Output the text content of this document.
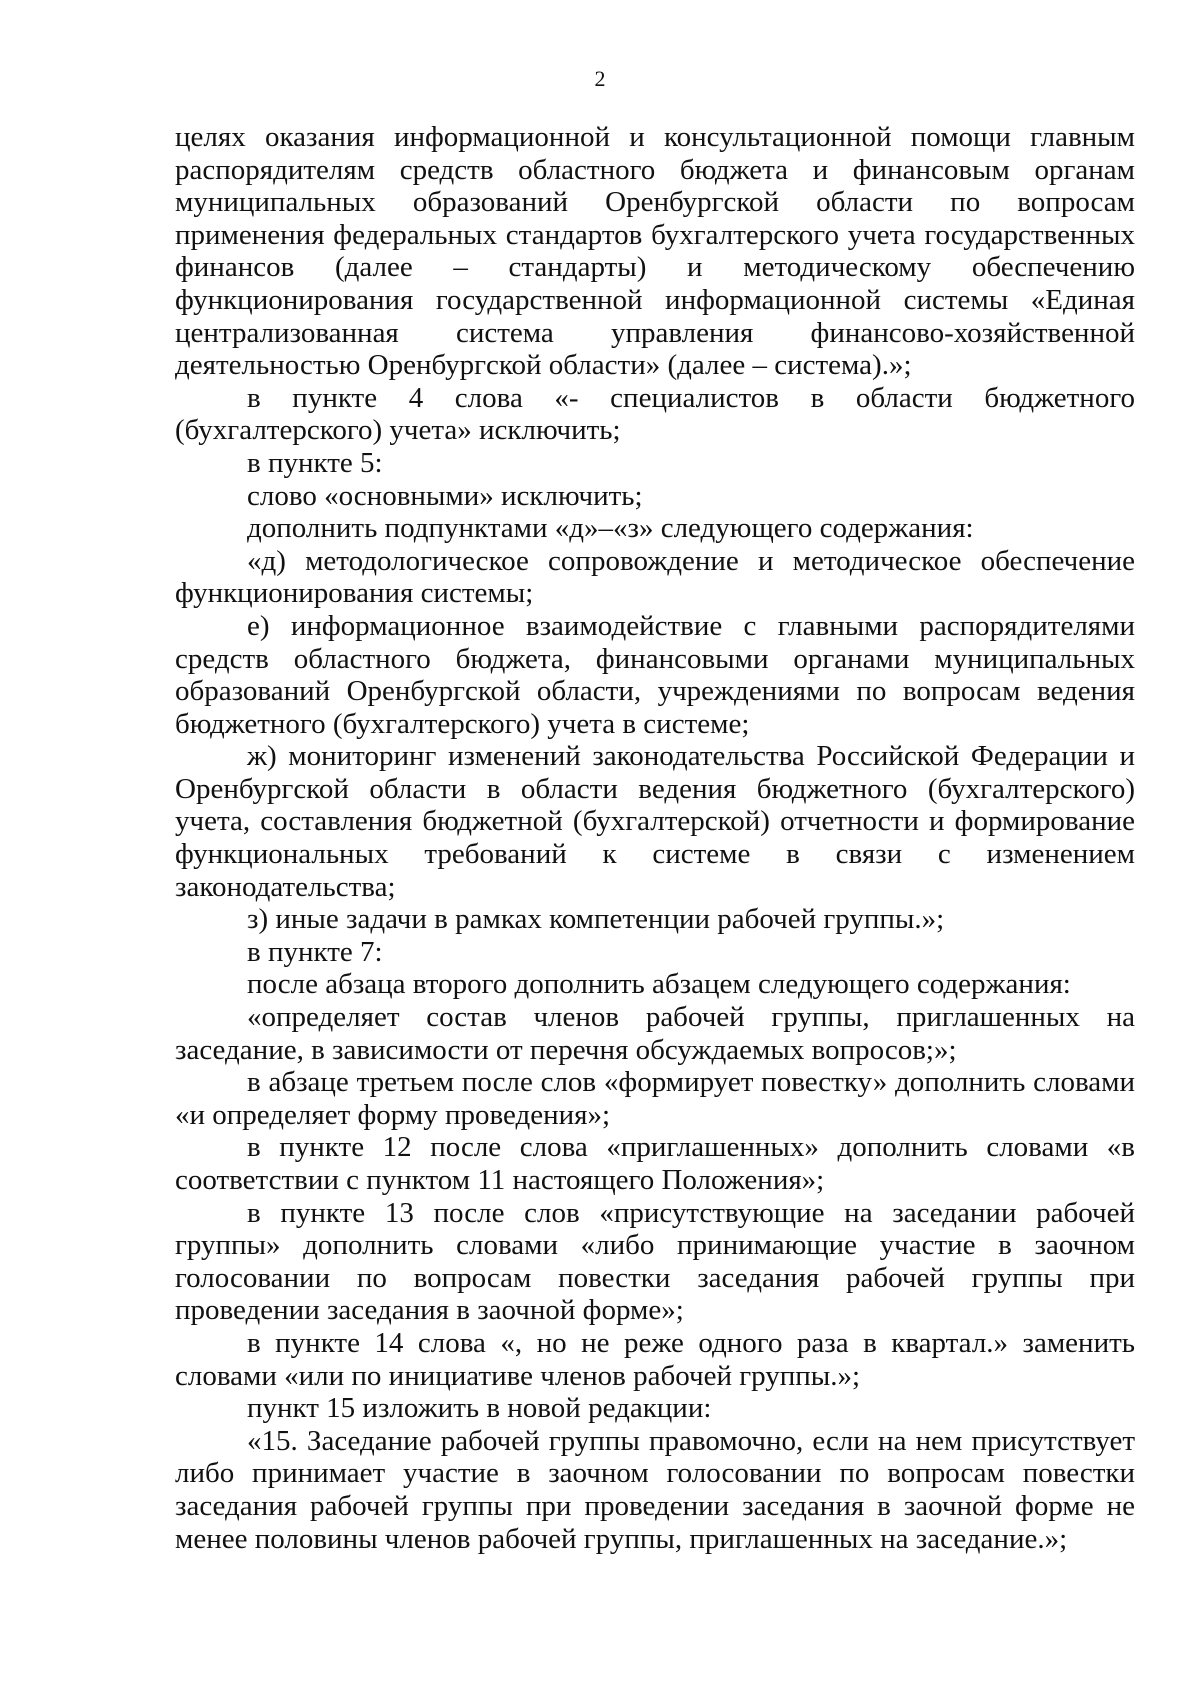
2

целях оказания информационной и консультационной помощи главным распорядителям средств областного бюджета и финансовым органам муниципальных образований Оренбургской области по вопросам применения федеральных стандартов бухгалтерского учета государственных финансов (далее – стандарты) и методическому обеспечению функционирования государственной информационной системы «Единая централизованная система управления финансово-хозяйственной деятельностью Оренбургской области» (далее – система).»;

в пункте 4 слова «- специалистов в области бюджетного (бухгалтерского) учета» исключить;

в пункте 5:

слово «основными» исключить;

дополнить подпунктами «д»–«з» следующего содержания:

«д) методологическое сопровождение и методическое обеспечение функционирования системы;

е) информационное взаимодействие с главными распорядителями средств областного бюджета, финансовыми органами муниципальных образований Оренбургской области, учреждениями по вопросам ведения бюджетного (бухгалтерского) учета в системе;

ж) мониторинг изменений законодательства Российской Федерации и Оренбургской области в области ведения бюджетного (бухгалтерского) учета, составления бюджетной (бухгалтерской) отчетности и формирование функциональных требований к системе в связи с изменением законодательства;

з) иные задачи в рамках компетенции рабочей группы.»;

в пункте 7:

после абзаца второго дополнить абзацем следующего содержания:

«определяет состав членов рабочей группы, приглашенных на заседание, в зависимости от перечня обсуждаемых вопросов;»;

в абзаце третьем после слов «формирует повестку» дополнить словами «и определяет форму проведения»;

в пункте 12 после слова «приглашенных» дополнить словами «в соответствии с пунктом 11 настоящего Положения»;

в пункте 13 после слов «присутствующие на заседании рабочей группы» дополнить словами «либо принимающие участие в заочном голосовании по вопросам повестки заседания рабочей группы при проведении заседания в заочной форме»;

в пункте 14 слова «, но не реже одного раза в квартал.» заменить словами «или по инициативе членов рабочей группы.»;

пункт 15 изложить в новой редакции:

«15. Заседание рабочей группы правомочно, если на нем присутствует либо принимает участие в заочном голосовании по вопросам повестки заседания рабочей группы при проведении заседания в заочной форме не менее половины членов рабочей группы, приглашенных на заседание.»;
